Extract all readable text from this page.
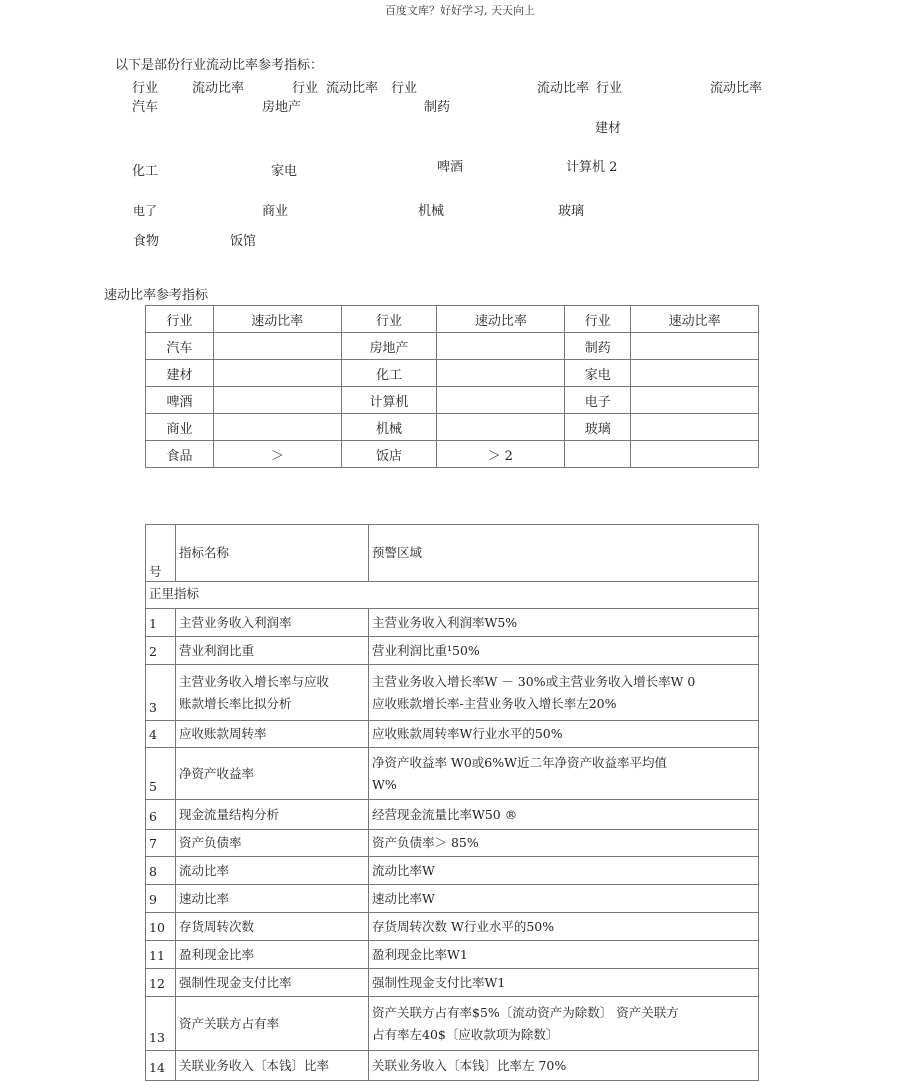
百度文库？好好学习, 天天向上
以下是部份行业流动比率参考指标：
行业	流动比率	行业 流动比率 行业	流动比率 行业	流动比率
汽车	房地产	制药
建材
化工	家电	啤酒	计算机 2
电了	商业	机械	玻璃
食物	饭馆
速动比率参考指标
行业	速动比率	行业	速动比率	行业	速动比率
汽车		房地产		制药	
建材		化工		家电	
啤酒		计算机		电子	
商业		机械		玻璃	
食品	＞	饭店	＞ 2		
号	指标名称	预警区域
正里指标		

1	主营业务收入利润率	主营业务收入利润率W5%

2	营业利润比重	营业利润比重¹50%

3	主营业务收入增长率与应收
账款增长率比拟分析	主营业务收入增长率W － 30%或主营业务收入增长率W 0
应收账款增长率-主营业务收入增长率左20%

4	应收账款周转率	应收账款周转率W行业水平的50%

5	净资产收益率	净资产收益率 W0或6%W近二年净资产收益率平均值
W%

6	现金流量结构分析	经营现金流量比率W50 ®

7	资产负债率	资产负债率＞ 85%

8	流动比率	流动比率W

9	速动比率	速动比率W

10	存货周转次数	存货周转次数 W行业水平的50%

11	盈利现金比率	盈利现金比率W1

12	强制性现金支付比率	强制性现金支付比率W1

13	资产关联方占有率	资产关联方占有率$5%〔流动资产为除数〕 资产关联方
占有率左40$〔应收款项为除数〕

14	关联业务收入〔本钱〕比率	关联业务收入〔本钱〕比率左 70%
